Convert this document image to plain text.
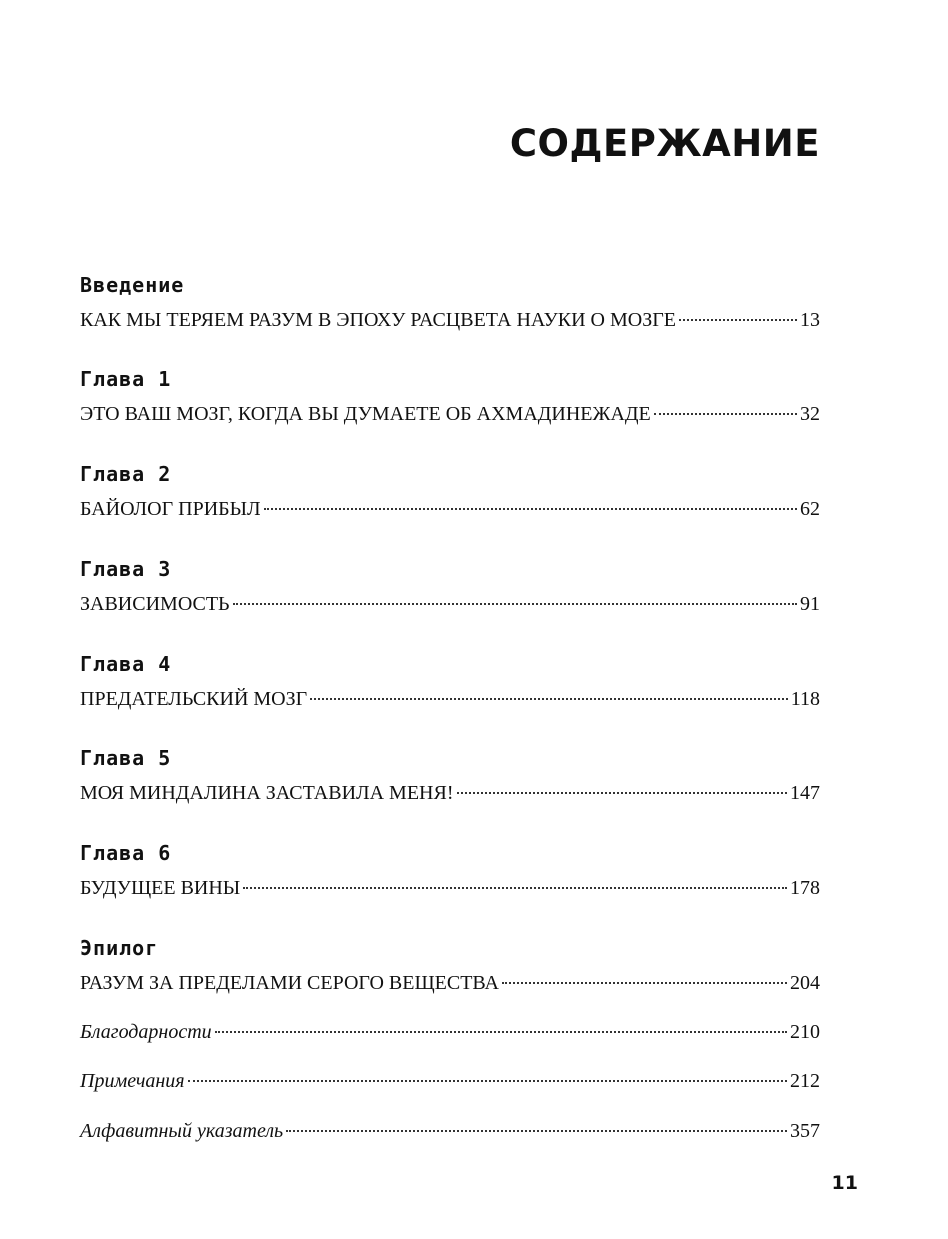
СОДЕРЖАНИЕ
Введение
КАК МЫ ТЕРЯЕМ РАЗУМ В ЭПОХУ РАСЦВЕТА НАУКИ О МОЗГЕ	13
Глава 1
ЭТО ВАШ МОЗГ, КОГДА ВЫ ДУМАЕТЕ ОБ АХМАДИНЕЖАДЕ	32
Глава 2
БАЙОЛОГ ПРИБЫЛ	62
Глава 3
ЗАВИСИМОСТЬ	91
Глава 4
ПРЕДАТЕЛЬСКИЙ МОЗГ	118
Глава 5
МОЯ МИНДАЛИНА ЗАСТАВИЛА МЕНЯ!	147
Глава 6
БУДУЩЕЕ ВИНЫ	178
Эпилог
РАЗУМ ЗА ПРЕДЕЛАМИ СЕРОГО ВЕЩЕСТВА	204
Благодарности	210
Примечания	212
Алфавитный указатель	357
11
